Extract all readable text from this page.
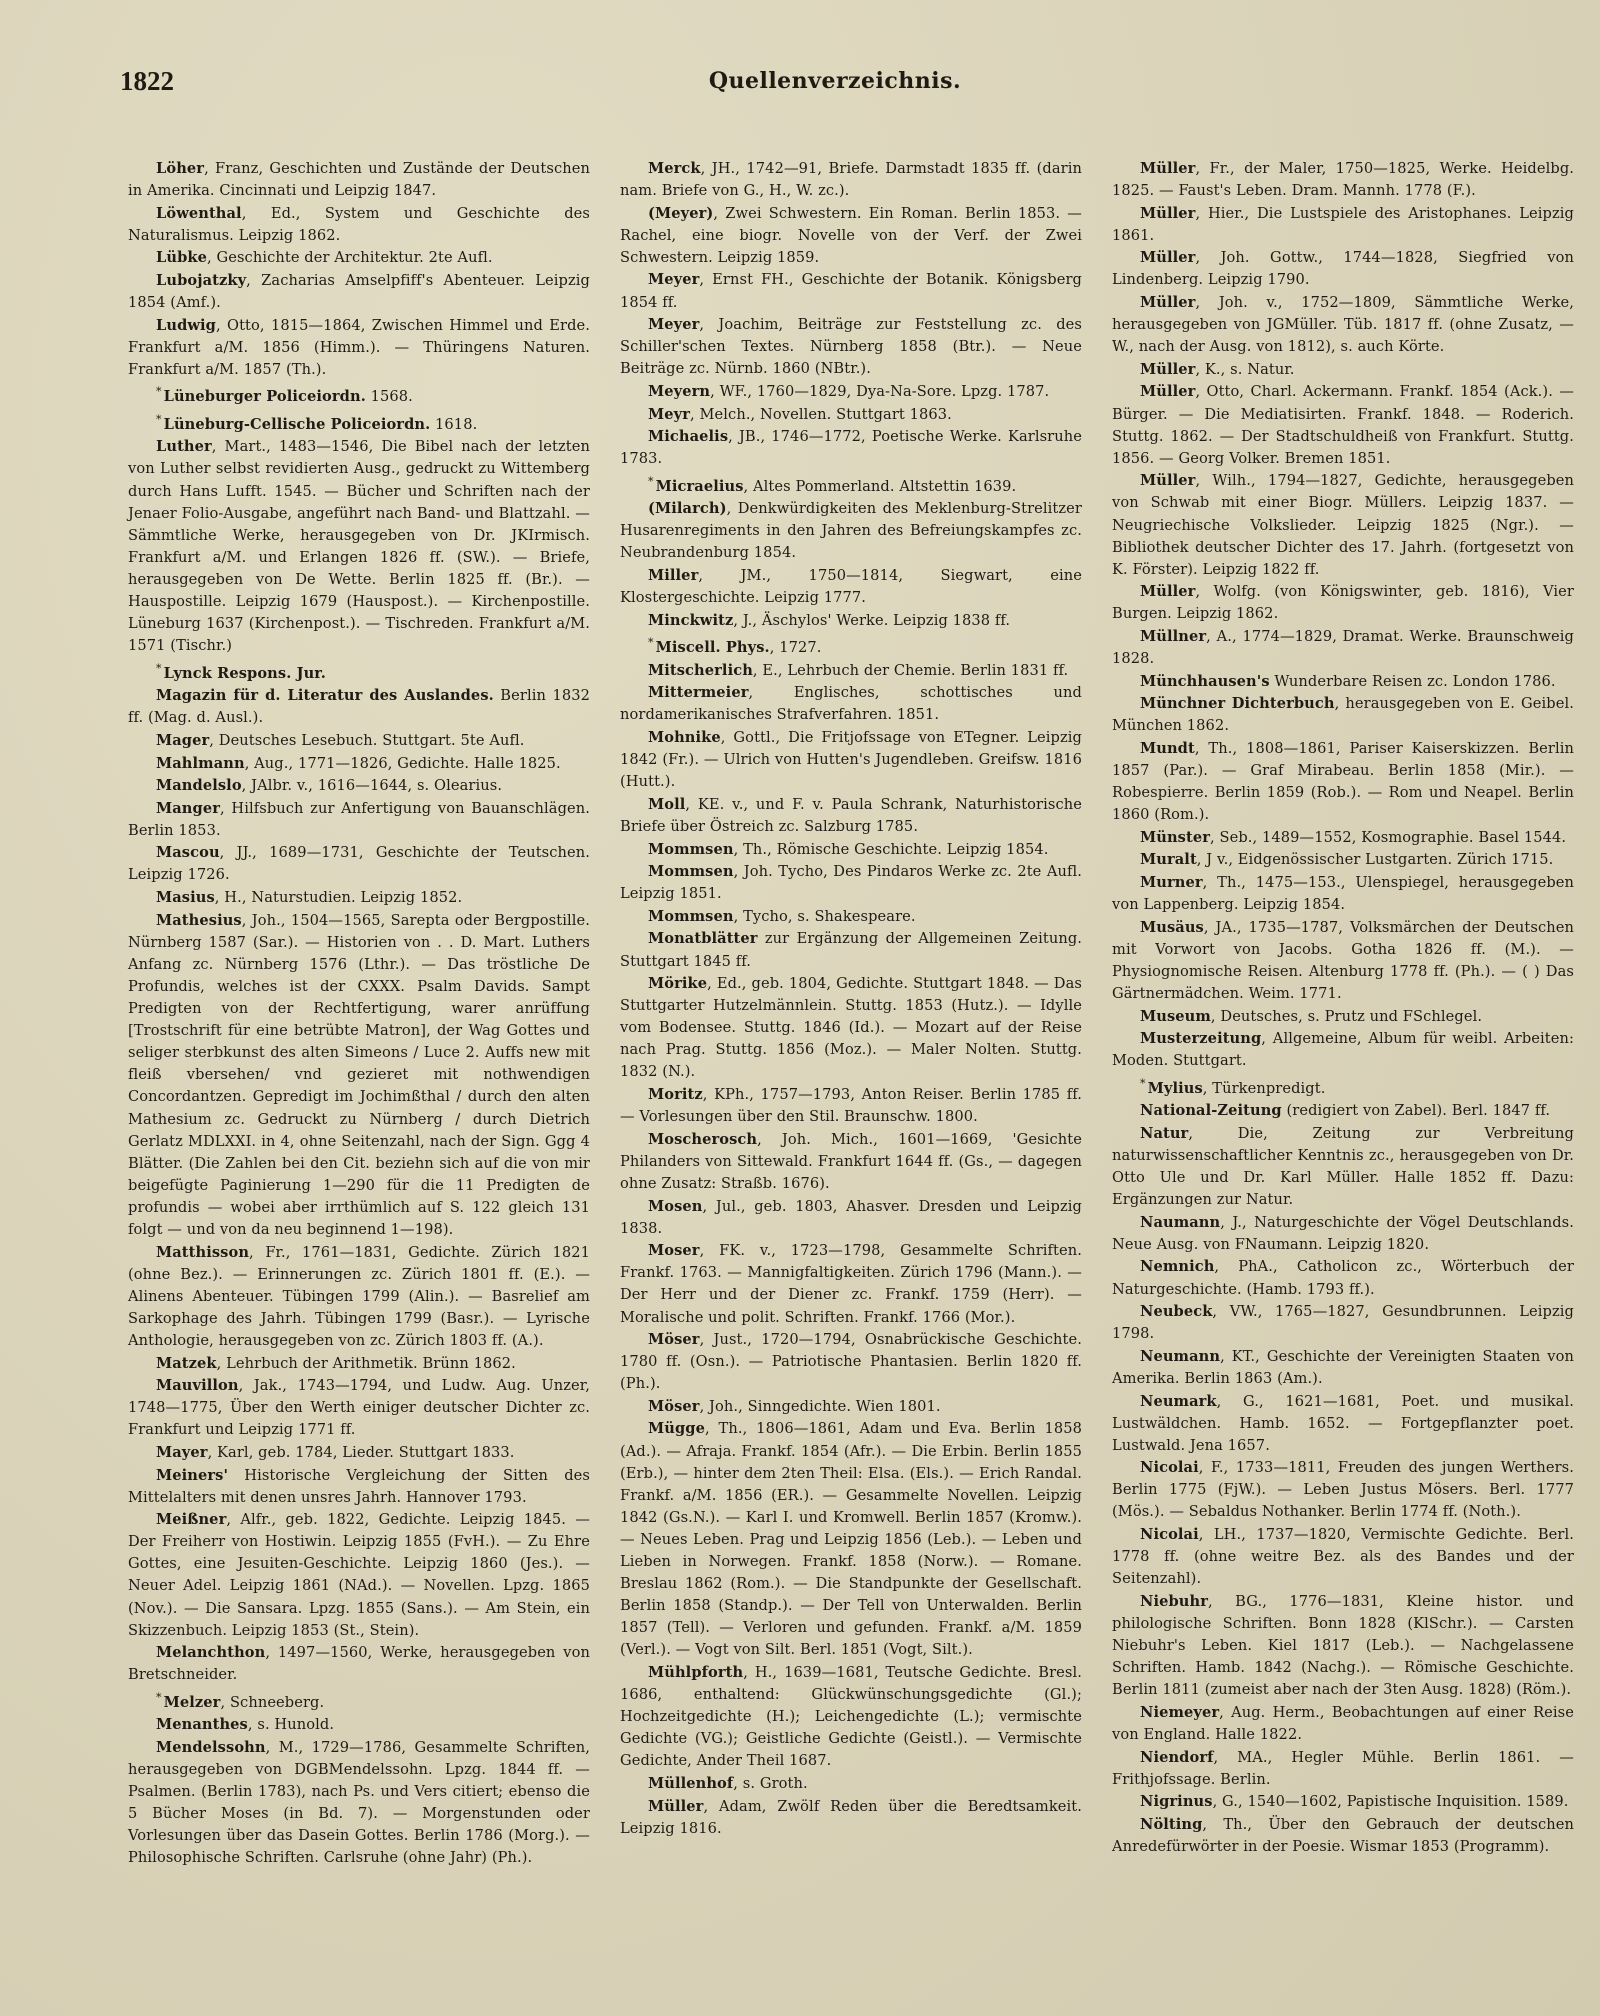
1822	Quellenverzeichnis.

Löher, Franz, Geschichten und Zustände der Deutschen in Amerika. Cincinnati und Leipzig 1847.

Löwenthal, Ed., System und Geschichte des Naturalismus. Leipzig 1862.

Lübke, Geschichte der Architektur. 2te Aufl.

Lubojatzky, Zacharias Amselpfiff's Abenteuer. Leipzig 1854 (Amf.).

Ludwig, Otto, 1815—1864, Zwischen Himmel und Erde. Frankfurt a/M. 1856 (Himm.). — Thüringens Naturen. Frankfurt a/M. 1857 (Th.).

* Lüneburger Policeiordn. 1568.

* Lüneburg-Cellische Policeiordn. 1618.

Luther, Mart., 1483—1546, Die Bibel nach der letzten von Luther selbst revidierten Ausg., gedruckt zu Wittemberg durch Hans Lufft. 1545. — Bücher und Schriften nach der Jenaer Folio-Ausgabe, angeführt nach Band- und Blattzahl. — Sämmtliche Werke, herausgegeben von Dr. JKIrmisch. Frankfurt a/M. und Erlangen 1826 ff. (SW.). — Briefe, herausgegeben von De Wette. Berlin 1825 ff. (Br.). — Hauspostille. Leipzig 1679 (Hauspost.). — Kirchenpostille. Lüneburg 1637 (Kirchenpost.). — Tischreden. Frankfurt a/M. 1571 (Tischr.)

* Lynck Respons. Jur.

Magazin für d. Literatur des Auslandes. Berlin 1832 ff. (Mag. d. Ausl.).

Mager, Deutsches Lesebuch. Stuttgart. 5te Aufl.

Mahlmann, Aug., 1771—1826, Gedichte. Halle 1825.

Mandelslo, JAlbr. v., 1616—1644, s. Olearius.

Manger, Hilfsbuch zur Anfertigung von Bauanschlägen. Berlin 1853.

Mascou, JJ., 1689—1731, Geschichte der Teutschen. Leipzig 1726.

Masius, H., Naturstudien. Leipzig 1852.

Mathesius, Joh., 1504—1565, Sarepta oder Bergpostille. Nürnberg 1587 (Sar.). — Historien von . . D. Mart. Luthers Anfang zc. Nürnberg 1576 (Lthr.). — Das tröstliche De Profundis, welches ist der CXXX. Psalm Davids. Sampt Predigten von der Rechtfertigung, warer anrüffung [Trostschrift für eine betrübte Matron], der Wag Gottes und seliger sterbkunst des alten Simeons / Luce 2. Auffs new mit fleiß vbersehen/ vnd gezieret mit nothwendigen Concordantzen. Gepredigt im Jochimßthal / durch den alten Mathesium zc. Gedruckt zu Nürnberg / durch Dietrich Gerlatz MDLXXI. in 4, ohne Seitenzahl, nach der Sign. Ggg 4 Blätter. (Die Zahlen bei den Cit. beziehn sich auf die von mir beigefügte Paginierung 1—290 für die 11 Predigten de profundis — wobei aber irrthümlich auf S. 122 gleich 131 folgt — und von da neu beginnend 1—198).

Matthisson, Fr., 1761—1831, Gedichte. Zürich 1821 (ohne Bez.). — Erinnerungen zc. Zürich 1801 ff. (E.). — Alinens Abenteuer. Tübingen 1799 (Alin.). — Basrelief am Sarkophage des Jahrh. Tübingen 1799 (Basr.). — Lyrische Anthologie, herausgegeben von zc. Zürich 1803 ff. (A.).

Matzek, Lehrbuch der Arithmetik. Brünn 1862.

Mauvillon, Jak., 1743—1794, und Ludw. Aug. Unzer, 1748—1775, Über den Werth einiger deutscher Dichter zc. Frankfurt und Leipzig 1771 ff.

Mayer, Karl, geb. 1784, Lieder. Stuttgart 1833.

Meiners' Historische Vergleichung der Sitten des Mittelalters mit denen unsres Jahrh. Hannover 1793.

Meißner, Alfr., geb. 1822, Gedichte. Leipzig 1845. — Der Freiherr von Hostiwin. Leipzig 1855 (FvH.). — Zu Ehre Gottes, eine Jesuiten-Geschichte. Leipzig 1860 (Jes.). — Neuer Adel. Leipzig 1861 (NAd.). — Novellen. Lpzg. 1865 (Nov.). — Die Sansara. Lpzg. 1855 (Sans.). — Am Stein, ein Skizzenbuch. Leipzig 1853 (St., Stein).

Melanchthon, 1497—1560, Werke, herausgegeben von Bretschneider.

* Melzer, Schneeberg.

Menanthes, s. Hunold.

Mendelssohn, M., 1729—1786, Gesammelte Schriften, herausgegeben von DGBMendelssohn. Lpzg. 1844 ff. — Psalmen. (Berlin 1783), nach Ps. und Vers citiert; ebenso die 5 Bücher Moses (in Bd. 7). — Morgenstunden oder Vorlesungen über das Dasein Gottes. Berlin 1786 (Morg.). — Philosophische Schriften. Carlsruhe (ohne Jahr) (Ph.).

Merck, JH., 1742—91, Briefe. Darmstadt 1835 ff. (darin nam. Briefe von G., H., W. zc.).

(Meyer), Zwei Schwestern. Ein Roman. Berlin 1853. — Rachel, eine biogr. Novelle von der Verf. der Zwei Schwestern. Leipzig 1859.

Meyer, Ernst FH., Geschichte der Botanik. Königsberg 1854 ff.

Meyer, Joachim, Beiträge zur Feststellung zc. des Schiller'schen Textes. Nürnberg 1858 (Btr.). — Neue Beiträge zc. Nürnb. 1860 (NBtr.).

Meyern, WF., 1760—1829, Dya-Na-Sore. Lpzg. 1787.

Meyr, Melch., Novellen. Stuttgart 1863.

Michaelis, JB., 1746—1772, Poetische Werke. Karlsruhe 1783.

* Micraelius, Altes Pommerland. Altstettin 1639.

(Milarch), Denkwürdigkeiten des Meklenburg-Strelitzer Husarenregiments in den Jahren des Befreiungskampfes zc. Neubrandenburg 1854.

Miller, JM., 1750—1814, Siegwart, eine Klostergeschichte. Leipzig 1777.

Minckwitz, J., Äschylos' Werke. Leipzig 1838 ff.

* Miscell. Phys., 1727.

Mitscherlich, E., Lehrbuch der Chemie. Berlin 1831 ff.

Mittermeier, Englisches, schottisches und nordamerikanisches Strafverfahren. 1851.

Mohnike, Gottl., Die Fritjofssage von ETegner. Leipzig 1842 (Fr.). — Ulrich von Hutten's Jugendleben. Greifsw. 1816 (Hutt.).

Moll, KE. v., und F. v. Paula Schrank, Naturhistorische Briefe über Östreich zc. Salzburg 1785.

Mommsen, Th., Römische Geschichte. Leipzig 1854.

Mommsen, Joh. Tycho, Des Pindaros Werke zc. 2te Aufl. Leipzig 1851.

Mommsen, Tycho, s. Shakespeare.

Monatblätter zur Ergänzung der Allgemeinen Zeitung. Stuttgart 1845 ff.

Mörike, Ed., geb. 1804, Gedichte. Stuttgart 1848. — Das Stuttgarter Hutzelmännlein. Stuttg. 1853 (Hutz.). — Idylle vom Bodensee. Stuttg. 1846 (Id.). — Mozart auf der Reise nach Prag. Stuttg. 1856 (Moz.). — Maler Nolten. Stuttg. 1832 (N.).

Moritz, KPh., 1757—1793, Anton Reiser. Berlin 1785 ff. — Vorlesungen über den Stil. Braunschw. 1800.

Moscherosch, Joh. Mich., 1601—1669, 'Gesichte Philanders von Sittewald. Frankfurt 1644 ff. (Gs., — dagegen ohne Zusatz: Straßb. 1676).

Mosen, Jul., geb. 1803, Ahasver. Dresden und Leipzig 1838.

Moser, FK. v., 1723—1798, Gesammelte Schriften. Frankf. 1763. — Mannigfaltigkeiten. Zürich 1796 (Mann.). — Der Herr und der Diener zc. Frankf. 1759 (Herr). — Moralische und polit. Schriften. Frankf. 1766 (Mor.).

Möser, Just., 1720—1794, Osnabrückische Geschichte. 1780 ff. (Osn.). — Patriotische Phantasien. Berlin 1820 ff. (Ph.).

Möser, Joh., Sinngedichte. Wien 1801.

Mügge, Th., 1806—1861, Adam und Eva. Berlin 1858 (Ad.). — Afraja. Frankf. 1854 (Afr.). — Die Erbin. Berlin 1855 (Erb.), — hinter dem 2ten Theil: Elsa. (Els.). — Erich Randal. Frankf. a/M. 1856 (ER.). — Gesammelte Novellen. Leipzig 1842 (Gs.N.). — Karl I. und Kromwell. Berlin 1857 (Kromw.). — Neues Leben. Prag und Leipzig 1856 (Leb.). — Leben und Lieben in Norwegen. Frankf. 1858 (Norw.). — Romane. Breslau 1862 (Rom.). — Die Standpunkte der Gesellschaft. Berlin 1858 (Standp.). — Der Tell von Unterwalden. Berlin 1857 (Tell). — Verloren und gefunden. Frankf. a/M. 1859 (Verl.). — Vogt von Silt. Berl. 1851 (Vogt, Silt.).

Mühlpforth, H., 1639—1681, Teutsche Gedichte. Bresl. 1686, enthaltend: Glückwünschungsgedichte (Gl.); Hochzeitgedichte (H.); Leichengedichte (L.); vermischte Gedichte (VG.); Geistliche Gedichte (Geistl.). — Vermischte Gedichte, Ander Theil 1687.

Müllenhof, s. Groth.

Müller, Adam, Zwölf Reden über die Beredtsamkeit. Leipzig 1816.

Müller, Fr., der Maler, 1750—1825, Werke. Heidelbg. 1825. — Faust's Leben. Dram. Mannh. 1778 (F.).

Müller, Hier., Die Lustspiele des Aristophanes. Leipzig 1861.

Müller, Joh. Gottw., 1744—1828, Siegfried von Lindenberg. Leipzig 1790.

Müller, Joh. v., 1752—1809, Sämmtliche Werke, herausgegeben von JGMüller. Tüb. 1817 ff. (ohne Zusatz, — W., nach der Ausg. von 1812), s. auch Körte.

Müller, K., s. Natur.

Müller, Otto, Charl. Ackermann. Frankf. 1854 (Ack.). — Bürger. — Die Mediatisirten. Frankf. 1848. — Roderich. Stuttg. 1862. — Der Stadtschuldheiß von Frankfurt. Stuttg. 1856. — Georg Volker. Bremen 1851.

Müller, Wilh., 1794—1827, Gedichte, herausgegeben von Schwab mit einer Biogr. Müllers. Leipzig 1837. — Neugriechische Volkslieder. Leipzig 1825 (Ngr.). — Bibliothek deutscher Dichter des 17. Jahrh. (fortgesetzt von K. Förster). Leipzig 1822 ff.

Müller, Wolfg. (von Königswinter, geb. 1816), Vier Burgen. Leipzig 1862.

Müllner, A., 1774—1829, Dramat. Werke. Braunschweig 1828.

Münchhausen's Wunderbare Reisen zc. London 1786.

Münchner Dichterbuch, herausgegeben von E. Geibel. München 1862.

Mundt, Th., 1808—1861, Pariser Kaiserskizzen. Berlin 1857 (Par.). — Graf Mirabeau. Berlin 1858 (Mir.). — Robespierre. Berlin 1859 (Rob.). — Rom und Neapel. Berlin 1860 (Rom.).

Münster, Seb., 1489—1552, Kosmographie. Basel 1544.

Muralt, J v., Eidgenössischer Lustgarten. Zürich 1715.

Murner, Th., 1475—153., Ulenspiegel, herausgegeben von Lappenberg. Leipzig 1854.

Musäus, JA., 1735—1787, Volksmärchen der Deutschen mit Vorwort von Jacobs. Gotha 1826 ff. (M.). — Physiognomische Reisen. Altenburg 1778 ff. (Ph.). — ( ) Das Gärtnermädchen. Weim. 1771.

Museum, Deutsches, s. Prutz und FSchlegel.

Musterzeitung, Allgemeine, Album für weibl. Arbeiten: Moden. Stuttgart.

* Mylius, Türkenpredigt.

National-Zeitung (redigiert von Zabel). Berl. 1847 ff.

Natur, Die, Zeitung zur Verbreitung naturwissenschaftlicher Kenntnis zc., herausgegeben von Dr. Otto Ule und Dr. Karl Müller. Halle 1852 ff. Dazu: Ergänzungen zur Natur.

Naumann, J., Naturgeschichte der Vögel Deutschlands. Neue Ausg. von FNaumann. Leipzig 1820.

Nemnich, PhA., Catholicon zc., Wörterbuch der Naturgeschichte. (Hamb. 1793 ff.).

Neubeck, VW., 1765—1827, Gesundbrunnen. Leipzig 1798.

Neumann, KT., Geschichte der Vereinigten Staaten von Amerika. Berlin 1863 (Am.).

Neumark, G., 1621—1681, Poet. und musikal. Lustwäldchen. Hamb. 1652. — Fortgepflanzter poet. Lustwald. Jena 1657.

Nicolai, F., 1733—1811, Freuden des jungen Werthers. Berlin 1775 (FjW.). — Leben Justus Mösers. Berl. 1777 (Mös.). — Sebaldus Nothanker. Berlin 1774 ff. (Noth.).

Nicolai, LH., 1737—1820, Vermischte Gedichte. Berl. 1778 ff. (ohne weitre Bez. als des Bandes und der Seitenzahl).

Niebuhr, BG., 1776—1831, Kleine histor. und philologische Schriften. Bonn 1828 (KlSchr.). — Carsten Niebuhr's Leben. Kiel 1817 (Leb.). — Nachgelassene Schriften. Hamb. 1842 (Nachg.). — Römische Geschichte. Berlin 1811 (zumeist aber nach der 3ten Ausg. 1828) (Röm.).

Niemeyer, Aug. Herm., Beobachtungen auf einer Reise von England. Halle 1822.

Niendorf, MA., Hegler Mühle. Berlin 1861. — Frithjofssage. Berlin.

Nigrinus, G., 1540—1602, Papistische Inquisition. 1589.

Nölting, Th., Über den Gebrauch der deutschen Anredefürwörter in der Poesie. Wismar 1853 (Programm).
